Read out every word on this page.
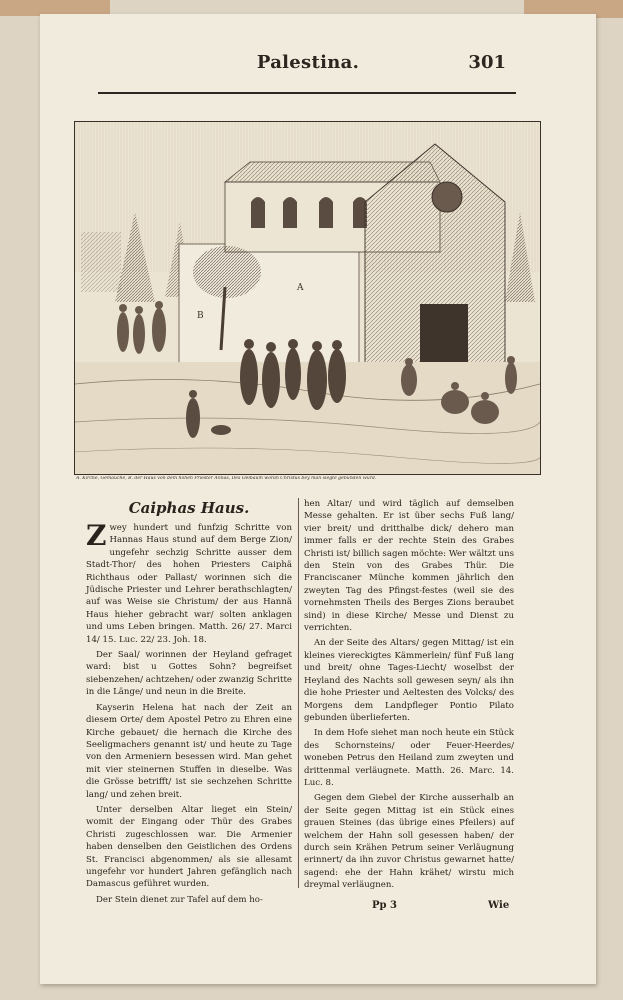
Palestina.	301
A
B
A. Kirche, Gemäuche, B. der Haus von dem hohen Priester Annas, Des Oelbaum woran Christus bey man siegte gebunden wurd.
Caiphas Haus.

Zwey hundert und funfzig Schritte von Hannas Haus stund auf dem Berge Zion/ ungefehr sechzig Schritte ausser dem Stadt-Thor/ des hohen Priesters Caiphä Richthaus oder Pallast/ worinnen sich die Jüdische Priester und Lehrer berathschlagten/ auf was Weise sie Christum/ der aus Hannä Haus hieher gebracht war/ solten anklagen und ums Leben bringen. Matth. 26/ 27. Marci 14/ 15. Luc. 22/ 23. Joh. 18.

Der Saal/ worinnen der Heyland gefraget ward: bist u Gottes Sohn? begreifset siebenzehen/ achtzehen/ oder zwanzig Schritte in die Länge/ und neun in die Breite.

Kayserin Helena hat nach der Zeit an diesem Orte/ dem Apostel Petro zu Ehren eine Kirche gebauet/ die hernach die Kirche des Seeligmachers genannt ist/ und heute zu Tage von den Armeniern besessen wird. Man gehet mit vier steinernen Stuffen in dieselbe. Was die Grösse betrifft/ ist sie sechzehen Schritte lang/ und zehen breit.

Unter derselben Altar lieget ein Stein/ womit der Eingang oder Thür des Grabes Christi zugeschlossen war. Die Armenier haben denselben den Geistlichen des Ordens St. Francisci abgenommen/ als sie allesamt ungefehr vor hundert Jahren gefänglich nach Damascus geführet wurden.

Der Stein dienet zur Tafel auf dem ho-

hen Altar/ und wird täglich auf demselben Messe gehalten. Er ist über sechs Fuß lang/ vier breit/ und dritthalbe dick/ dehero man immer falls er der rechte Stein des Grabes Christi ist/ billich sagen möchte: Wer wältzt uns den Stein von des Grabes Thür. Die Franciscaner Münche kommen jährlich den zweyten Tag des Pfingst-festes (weil sie des vornehmsten Theils des Berges Zions beraubet sind) in diese Kirche/ Messe und Dienst zu verrichten.

An der Seite des Altars/ gegen Mittag/ ist ein kleines viereckigtes Kämmerlein/ fünf Fuß lang und breit/ ohne Tages-Liecht/ woselbst der Heyland des Nachts soll gewesen seyn/ als ihn die hohe Priester und Aeltesten des Volcks/ des Morgens dem Landpfleger Pontio Pilato gebunden überlieferten.

In dem Hofe siehet man noch heute ein Stück des Schornsteins/ oder Feuer-Heerdes/ woneben Petrus den Heiland zum zweyten und drittenmal verläugnete. Matth. 26. Marc. 14. Luc. 8.

Gegen dem Giebel der Kirche ausserhalb an der Seite gegen Mittag ist ein Stück eines grauen Steines (das übrige eines Pfeilers) auf welchem der Hahn soll gesessen haben/ der durch sein Krähen Petrum seiner Verläugnung erinnert/ da ihn zuvor Christus gewarnet hatte/ sagend: ehe der Hahn krähet/ wirstu mich dreymal verläugnen.

Pp 3	Wie
